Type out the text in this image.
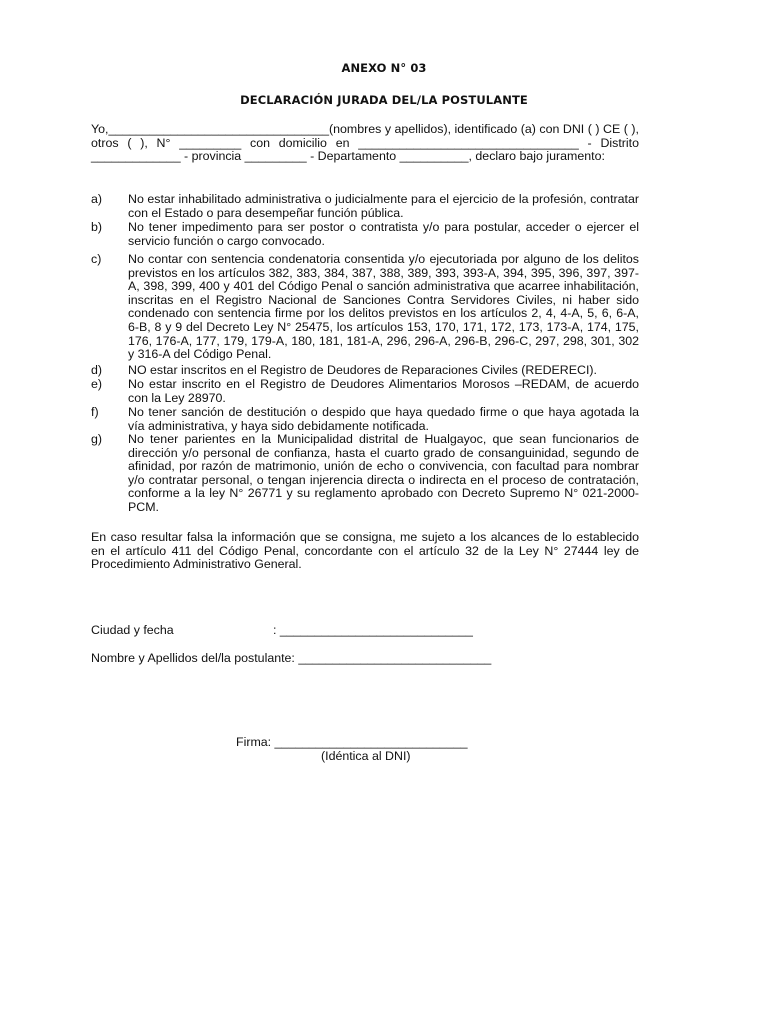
ANEXO N° 03
DECLARACIÓN JURADA DEL/LA POSTULANTE

Yo,________________________________(nombres y apellidos), identificado (a) con DNI ( ) CE ( ), otros ( ), N° _________ con domicilio en ________________________________ - Distrito _____________ - provincia _________ - Departamento __________, declaro bajo juramento:

a)	No estar inhabilitado administrativa o judicialmente para el ejercicio de la profesión, contratar con el Estado o para desempeñar función pública.
b)	No tener impedimento para ser postor o contratista y/o para postular, acceder o ejercer el servicio función o cargo convocado.
c)	No contar con sentencia condenatoria consentida y/o ejecutoriada por alguno de los delitos previstos en los artículos 382, 383, 384, 387, 388, 389, 393, 393-A, 394, 395, 396, 397, 397-A, 398, 399, 400 y 401 del Código Penal o sanción administrativa que acarree inhabilitación, inscritas en el Registro Nacional de Sanciones Contra Servidores Civiles, ni haber sido condenado con sentencia firme por los delitos previstos en los artículos 2, 4, 4-A, 5, 6, 6-A, 6-B, 8 y 9 del Decreto Ley N° 25475, los artículos 153, 170, 171, 172, 173, 173-A, 174, 175, 176, 176-A, 177, 179, 179-A, 180, 181, 181-A, 296, 296-A, 296-B, 296-C, 297, 298, 301, 302 y 316-A del Código Penal.
d)	NO estar inscritos en el Registro de Deudores de Reparaciones Civiles (REDERECI).
e)	No estar inscrito en el Registro de Deudores Alimentarios Morosos –REDAM, de acuerdo con la Ley 28970.
f)	No tener sanción de destitución o despido que haya quedado firme o que haya agotada la vía administrativa, y haya sido debidamente notificada.
g)	No tener parientes en la Municipalidad distrital de Hualgayoc, que sean funcionarios de dirección y/o personal de confianza, hasta el cuarto grado de consanguinidad, segundo de afinidad, por razón de matrimonio, unión de echo o convivencia, con facultad para nombrar y/o contratar personal, o tengan injerencia directa o indirecta en el proceso de contratación, conforme a la ley N° 26771 y su reglamento aprobado con Decreto Supremo N° 021-2000-PCM.

En caso resultar falsa la información que se consigna, me sujeto a los alcances de lo establecido en el artículo 411 del Código Penal, concordante con el artículo 32 de la Ley N° 27444 ley de Procedimiento Administrativo General.

Ciudad y fecha	: ____________________________
Nombre y Apellidos del/la postulante: ____________________________
Firma: ____________________________
(Idéntica al DNI)
